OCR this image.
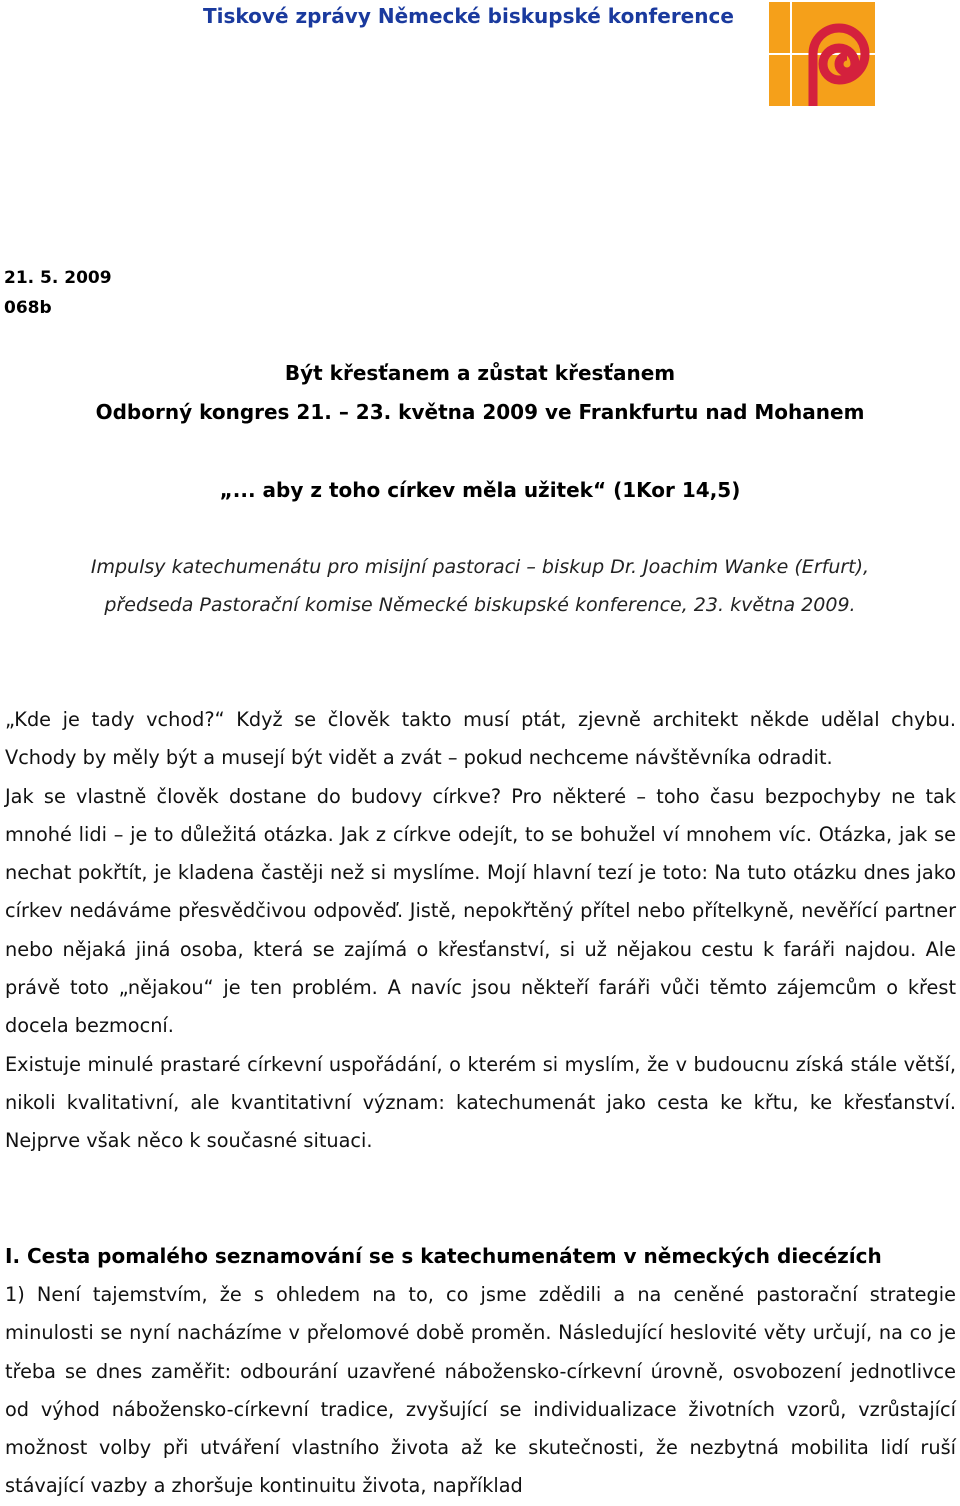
Tiskové zprávy Německé biskupské konference
21. 5. 2009
068b
Být křesťanem a zůstat křesťanem
Odborný kongres 21. – 23. května 2009 ve Frankfurtu nad Mohanem
„... aby z toho církev měla užitek“ (1Kor 14,5)
Impulsy katechumenátu pro misijní pastoraci – biskup Dr. Joachim Wanke (Erfurt),
předseda Pastorační komise Německé biskupské konference, 23. května 2009.

„Kde je tady vchod?“ Když se člověk takto musí ptát, zjevně architekt někde udělal chybu. Vchody by měly být a musejí být vidět a zvát – pokud nechceme návštěvníka odradit.

Jak se vlastně člověk dostane do budovy církve? Pro některé – toho času bezpochyby ne tak mnohé lidi – je to důležitá otázka. Jak z církve odejít, to se bohužel ví mnohem víc. Otázka, jak se nechat pokřtít, je kladena častěji než si myslíme. Mojí hlavní tezí je toto: Na tuto otázku dnes jako církev nedáváme přesvědčivou odpověď. Jistě, nepokřtěný přítel nebo přítelkyně, nevěřící partner nebo nějaká jiná osoba, která se zajímá o křesťanství, si už nějakou cestu k faráři najdou. Ale právě toto „nějakou“ je ten problém. A navíc jsou někteří faráři vůči těmto zájemcům o křest docela bezmocní.

Existuje minulé prastaré církevní uspořádání, o kterém si myslím, že v budoucnu získá stále větší, nikoli kvalitativní, ale kvantitativní význam: katechumenát jako cesta ke křtu, ke křesťanství. Nejprve však něco k současné situaci.

I. Cesta pomalého seznamování se s katechumenátem v německých diecézích

1) Není tajemstvím, že s ohledem na to, co jsme zdědili a na ceněné pastorační strategie minulosti se nyní nacházíme v přelomové době proměn. Následující heslovité věty určují, na co je třeba se dnes zaměřit: odbourání uzavřené nábožensko-církevní úrovně, osvobození jednotlivce od výhod nábožensko-církevní tradice, zvyšující se individualizace životních vzorů, vzrůstající možnost volby při utváření vlastního života až ke skutečnosti, že nezbytná mobilita lidí ruší stávající vazby a zhoršuje kontinuitu života, například
